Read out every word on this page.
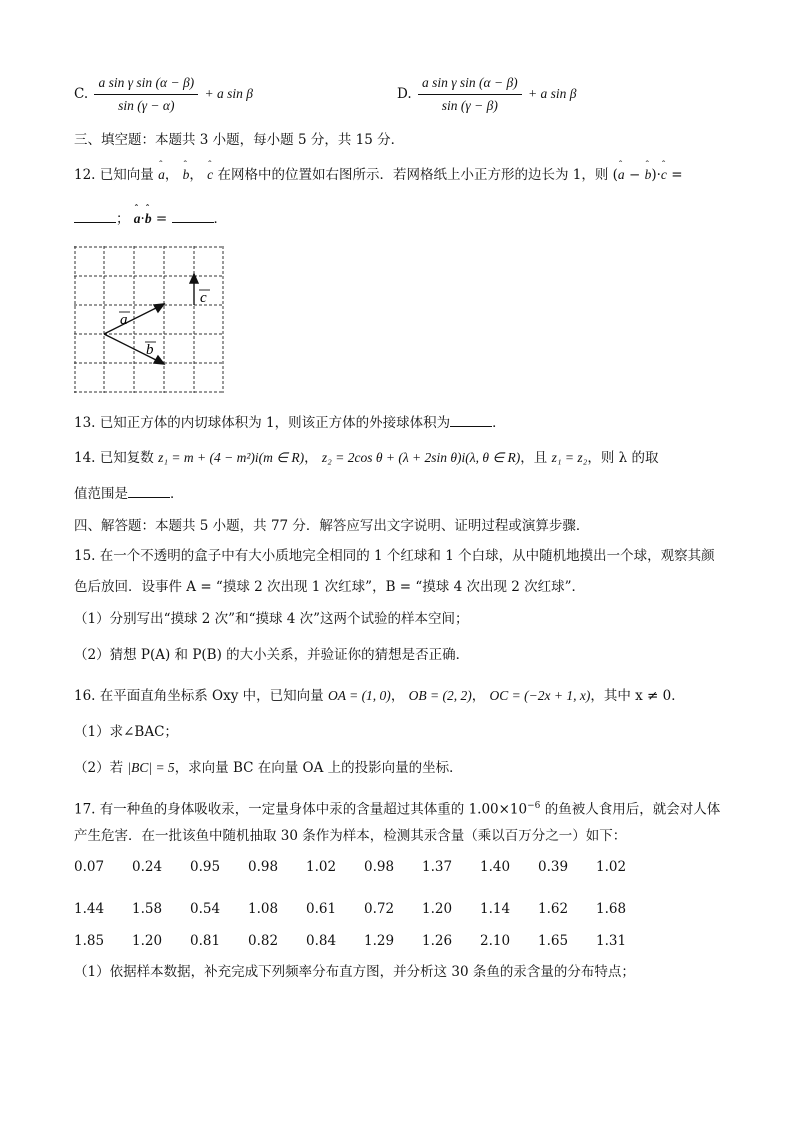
C. $\frac{\text{a sin γ sin (α − β)}}{\sin (\gamma - \alpha)} + a$ sin β	D. $\frac{\text{a sin γ sin (α − β)}}{\sin (\gamma - \beta)} + a$ sin β
三、填空题：本题共 3 小题，每小题 5 分，共 15 分．
12. 已知向量 ˆ a， ˆ b， ˆ c 在网格中的位置如右图所示．若网格纸上小正方形的边长为 1，则 (ˆ a − ˆ b)·ˆ c =
； ˆ a·ˆ b =	．
a
b
c
13. 已知正方体的内切球体积为 1，则该正方体的外接球体积为	．
14. 已知复数 z₁ = m + (4 − m²)i(m ∈ R)， z₂ = 2cos θ + (λ + 2sin θ)i(λ, θ ∈ R)，且 z₁ = z₂，则 λ 的取
值范围是	．
四、解答题：本题共 5 小题，共 77 分．解答应写出文字说明、证明过程或演算步骤．
15. 在一个不透明的盒子中有大小质地完全相同的 1 个红球和 1 个白球，从中随机地摸出一个球，观察其颜
色后放回．设事件 A = “摸球 2 次出现 1 次红球”，B = “摸球 4 次出现 2 次红球”．
（1）分别写出“摸球 2 次”和“摸球 4 次”这两个试验的样本空间；
（2）猜想 P(A) 和 P(B) 的大小关系，并验证你的猜想是否正确．
16. 在平面直角坐标系 Oxy 中，已知向量 OA = (1, 0)， OB = (2, 2)， OC = (−2x + 1, x)，其中 x ≠ 0．
（1）求∠BAC；
（2）若 |BC| = 5，求向量 BC 在向量 OA 上的投影向量的坐标．
17. 有一种鱼的身体吸收汞，一定量身体中汞的含量超过其体重的 $1.00\times 10^{-6}$ 的鱼被人食用后，就会对人体
产生危害．在一批该鱼中随机抽取 30 条作为样本，检测其汞含量（乘以百万分之一）如下：
0.07 0.24 0.95 0.98 1.02 0.98 1.37 1.40 0.39 1.02
1.44 1.58 0.54 1.08 0.61 0.72 1.20 1.14 1.62 1.68
1.85 1.20 0.81 0.82 0.84 1.29 1.26 2.10 1.65 1.31
（1）依据样本数据，补充完成下列频率分布直方图，并分析这 30 条鱼的汞含量的分布特点；
